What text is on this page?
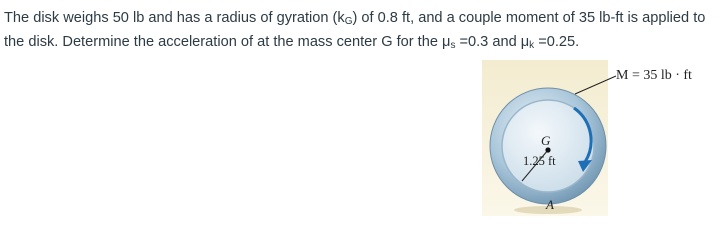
The disk weighs 50 lb and has a radius of gyration $(k_G)$ of 0.8 ft, and a couple moment of 35 lb-ft is applied to the disk. Determine the acceleration of at the mass center G for the $\mu_s =0.3$ and $\mu_k =0.25$.
M = 35 lb · ft
G
1.25 ft
A
